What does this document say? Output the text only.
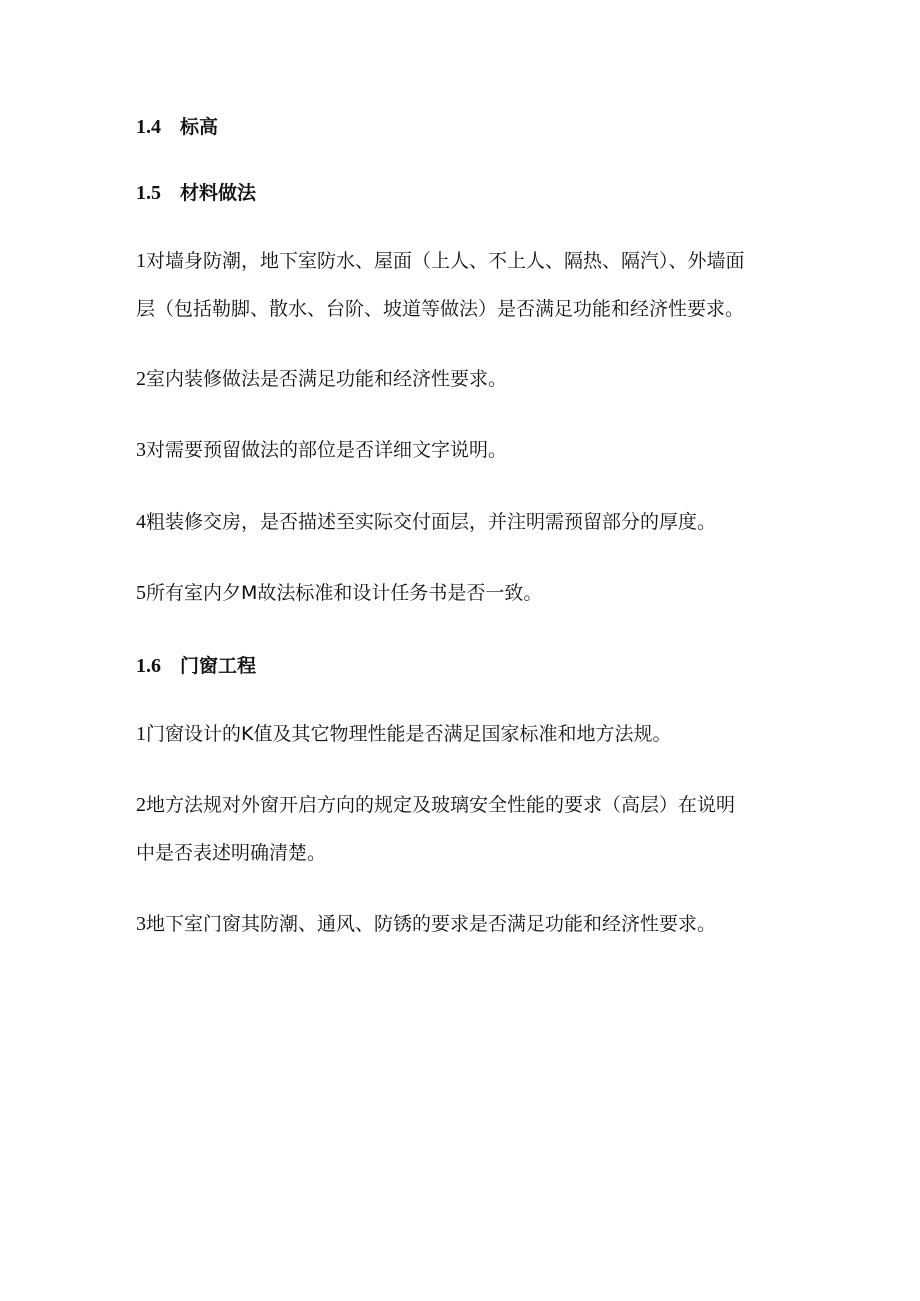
1.4 标高
1.5 材料做法
1对墙身防潮，地下室防水、屋面（上人、不上人、隔热、隔汽）、外墙面
层（包括勒脚、散水、台阶、坡道等做法）是否满足功能和经济性要求。
2室内装修做法是否满足功能和经济性要求。
3对需要预留做法的部位是否详细文字说明。
4粗装修交房，是否描述至实际交付面层，并注明需预留部分的厚度。
5所有室内夕M故法标准和设计任务书是否一致。
1.6 门窗工程
1门窗设计的K值及其它物理性能是否满足国家标准和地方法规。
2地方法规对外窗开启方向的规定及玻璃安全性能的要求（高层）在说明
中是否表述明确清楚。
3地下室门窗其防潮、通风、防锈的要求是否满足功能和经济性要求。
